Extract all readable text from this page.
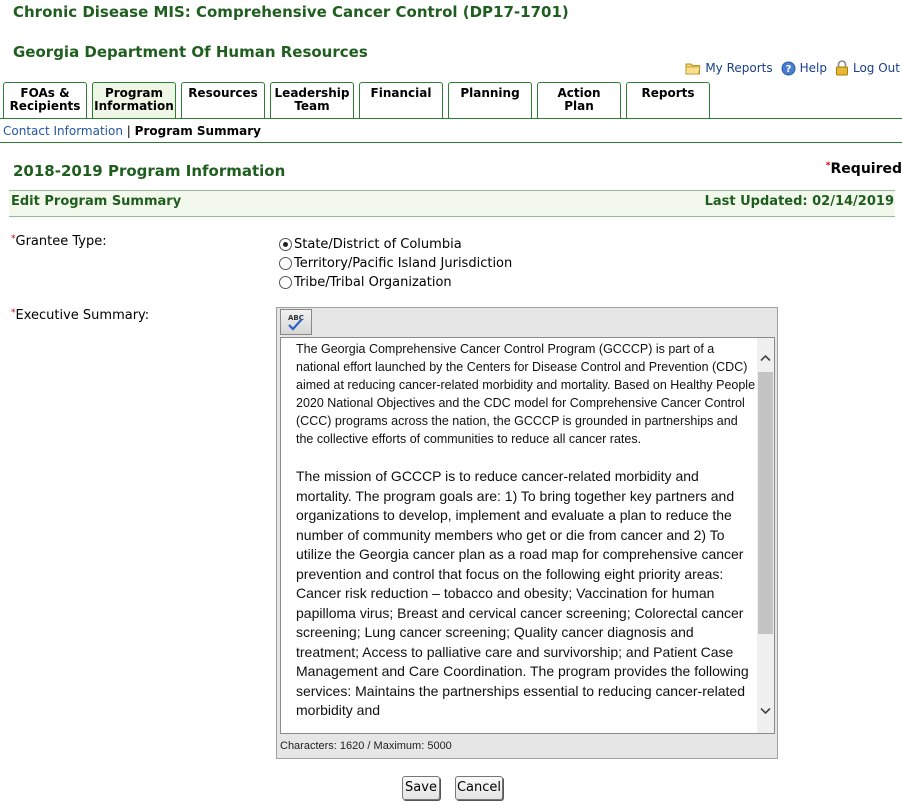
Chronic Disease MIS: Comprehensive Cancer Control (DP17-1701)
Georgia Department Of Human Resources
My Reports ? Help Log Out
FOAs &
Recipients
Program
Information
Resources	Leadership
Team
Financial	Planning	Action
Plan
Reports
Contact Information | Program Summary
2018-2019 Program Information	*Required
Edit Program Summary	Last Updated: 02/14/2019
*Grantee Type:	State/District of Columbia
Territory/Pacific Island Jurisdiction
Tribe/Tribal Organization
*Executive Summary:	ABC

The Georgia Comprehensive Cancer Control Program (GCCCP) is part of a national effort launched by the Centers for Disease Control and Prevention (CDC) aimed at reducing cancer-related morbidity and mortality. Based on Healthy People 2020 National Objectives and the CDC model for Comprehensive Cancer Control (CCC) programs across the nation, the GCCCP is grounded in partnerships and the collective efforts of communities to reduce all cancer rates.

The mission of GCCCP is to reduce cancer-related morbidity and mortality. The program goals are: 1) To bring together key partners and organizations to develop, implement and evaluate a plan to reduce the number of community members who get or die from cancer and 2) To utilize the Georgia cancer plan as a road map for comprehensive cancer prevention and control that focus on the following eight priority areas: Cancer risk reduction – tobacco and obesity; Vaccination for human papilloma virus; Breast and cervical cancer screening; Colorectal cancer screening; Lung cancer screening; Quality cancer diagnosis and treatment; Access to palliative care and survivorship; and Patient Case Management and Care Coordination. The program provides the following services: Maintains the partnerships essential to reducing cancer-related morbidity and

Characters: 1620 / Maximum: 5000
Save Cancel
